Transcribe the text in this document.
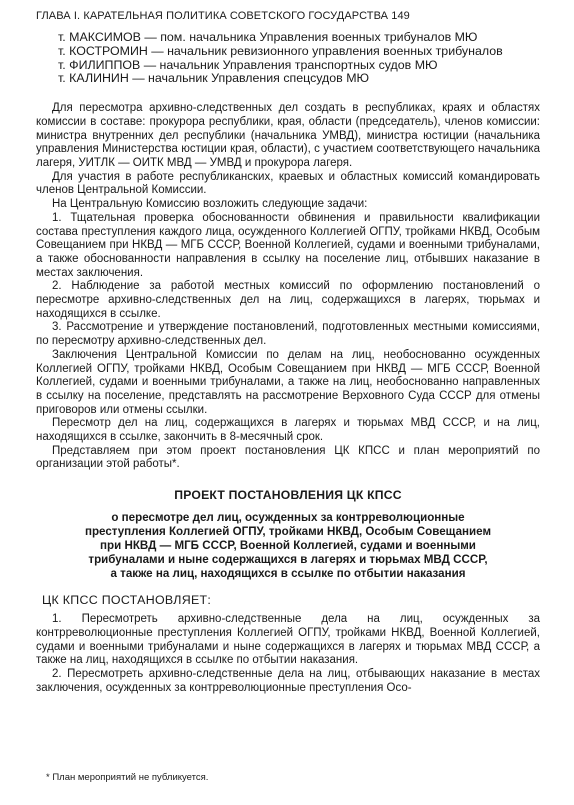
ГЛАВА I. КАРАТЕЛЬНАЯ ПОЛИТИКА СОВЕТСКОГО ГОСУДАРСТВА 149
т. МАКСИМОВ — пом. начальника Управления военных трибуналов МЮ
т. КОСТРОМИН — начальник ревизионного управления военных трибуналов
т. ФИЛИППОВ — начальник Управления транспортных судов МЮ
т. КАЛИНИН — начальник Управления спецсудов МЮ

Для пересмотра архивно-следственных дел создать в республиках, краях и областях комиссии в составе: прокурора республики, края, области (председатель), членов комиссии: министра внутренних дел республики (начальника УМВД), министра юстиции (начальника управления Министерства юстиции края, области), с участием соответствующего начальника лагеря, УИТЛК — ОИТК МВД — УМВД и прокурора лагеря.

Для участия в работе республиканских, краевых и областных комиссий командировать членов Центральной Комиссии.

На Центральную Комиссию возложить следующие задачи:

1. Тщательная проверка обоснованности обвинения и правильности квалификации состава преступления каждого лица, осужденного Коллегией ОГПУ, тройками НКВД, Особым Совещанием при НКВД — МГБ СССР, Военной Коллегией, судами и военными трибуналами, а также обоснованности направления в ссылку на поселение лиц, отбывших наказание в местах заключения.

2. Наблюдение за работой местных комиссий по оформлению постановлений о пересмотре архивно-следственных дел на лиц, содержащихся в лагерях, тюрьмах и находящихся в ссылке.

3. Рассмотрение и утверждение постановлений, подготовленных местными комиссиями, по пересмотру архивно-следственных дел.

Заключения Центральной Комиссии по делам на лиц, необоснованно осужденных Коллегией ОГПУ, тройками НКВД, Особым Совещанием при НКВД — МГБ СССР, Военной Коллегией, судами и военными трибуналами, а также на лиц, необоснованно направленных в ссылку на поселение, представлять на рассмотрение Верховного Суда СССР для отмены приговоров или отмены ссылки.

Пересмотр дел на лиц, содержащихся в лагерях и тюрьмах МВД СССР, и на лиц, находящихся в ссылке, закончить в 8-месячный срок.

Представляем при этом проект постановления ЦК КПСС и план мероприятий по организации этой работы*.

ПРОЕКТ ПОСТАНОВЛЕНИЯ ЦК КПСС
о пересмотре дел лиц, осужденных за контрреволюционные
преступления Коллегией ОГПУ, тройками НКВД, Особым Совещанием
при НКВД — МГБ СССР, Военной Коллегией, судами и военными
трибуналами и ныне содержащихся в лагерях и тюрьмах МВД СССР,
а также на лиц, находящихся в ссылке по отбытии наказания
ЦК КПСС ПОСТАНОВЛЯЕТ:

1. Пересмотреть архивно-следственные дела на лиц, осужденных за контрреволюционные преступления Коллегией ОГПУ, тройками НКВД, Военной Коллегией, судами и военными трибуналами и ныне содержащихся в лагерях и тюрьмах МВД СССР, а также на лиц, находящихся в ссылке по отбытии наказания.

2. Пересмотреть архивно-следственные дела на лиц, отбывающих наказание в местах заключения, осужденных за контрреволюционные преступления Осо-

* План мероприятий не публикуется.
